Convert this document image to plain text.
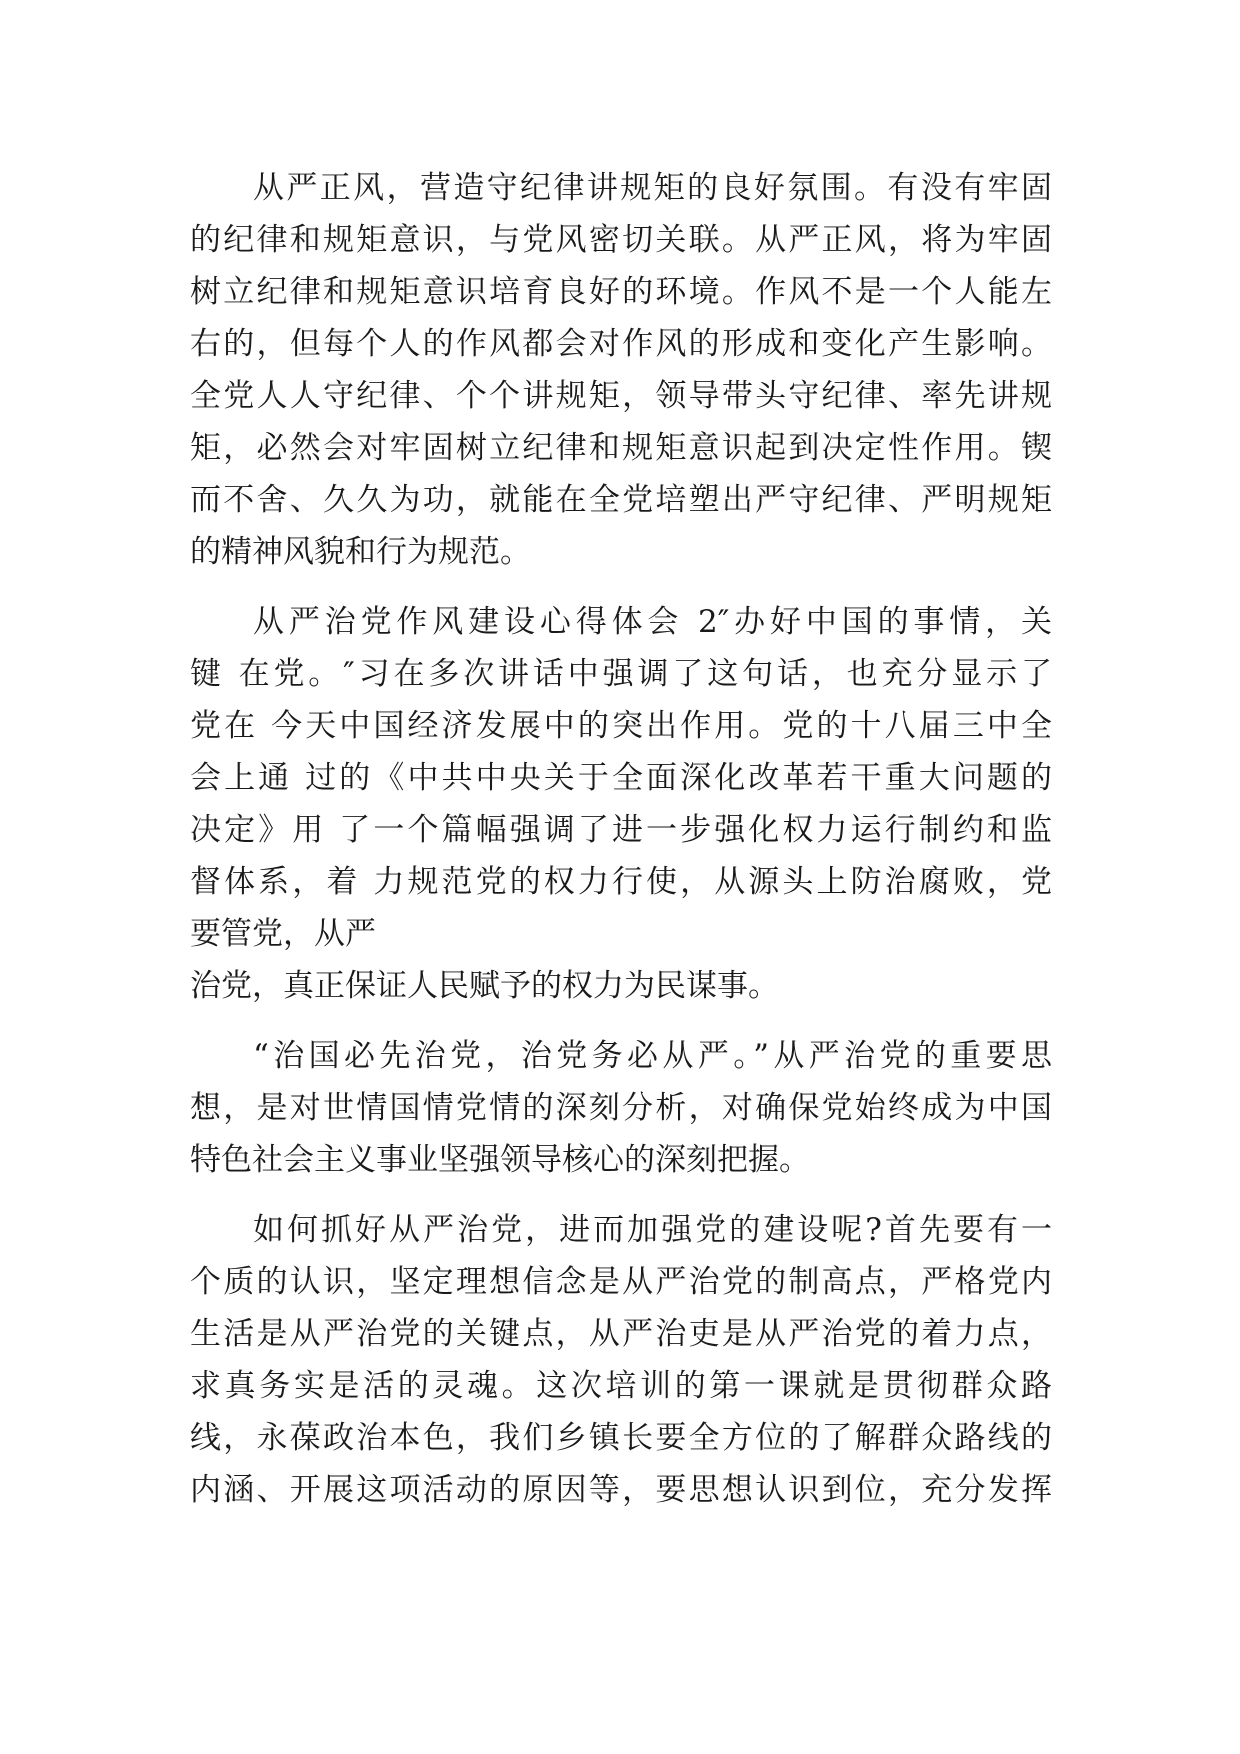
从严正风，营造守纪律讲规矩的良好氛围。有没有牢固
的纪律和规矩意识，与党风密切关联。从严正风，将为牢固
树立纪律和规矩意识培育良好的环境。作风不是一个人能左
右的，但每个人的作风都会对作风的形成和变化产生影响。
全党人人守纪律、个个讲规矩，领导带头守纪律、率先讲规
矩，必然会对牢固树立纪律和规矩意识起到决定性作用。锲
而不舍、久久为功，就能在全党培塑出严守纪律、严明规矩
的精神风貌和行为规范。
从严治党作风建设心得体会 2″办好中国的事情，关
键 在党。″习在多次讲话中强调了这句话，也充分显示了
党在 今天中国经济发展中的突出作用。党的十八届三中全
会上通 过的《中共中央关于全面深化改革若干重大问题的
决定》用 了一个篇幅强调了进一步强化权力运行制约和监
督体系，着 力规范党的权力行使，从源头上防治腐败，党
要管党，从严
治党，真正保证人民赋予的权力为民谋事。
“治国必先治党，治党务必从严。”从严治党的重要思
想，是对世情国情党情的深刻分析，对确保党始终成为中国
特色社会主义事业坚强领导核心的深刻把握。
如何抓好从严治党，进而加强党的建设呢?首先要有一
个质的认识，坚定理想信念是从严治党的制高点，严格党内
生活是从严治党的关键点，从严治吏是从严治党的着力点，
求真务实是活的灵魂。这次培训的第一课就是贯彻群众路
线，永葆政治本色，我们乡镇长要全方位的了解群众路线的
内涵、开展这项活动的原因等，要思想认识到位，充分发挥
